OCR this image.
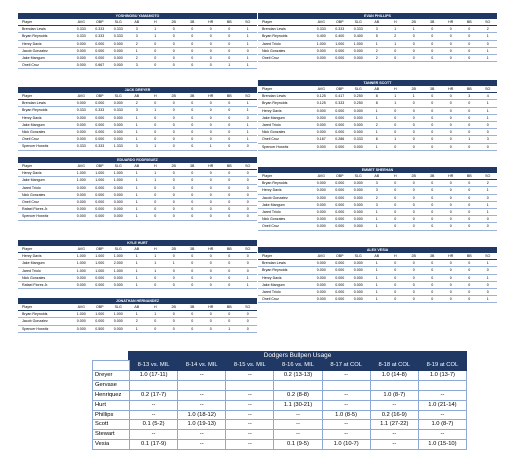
YOSHINOBU YAMAMOTO
Player	AVG	OBP	SLG	AB	H	2B	3B	HR	BB	SO
Brendan Lewis	0.333	0.333	0.333	3	1	0	0	0	0	1
Bryan Reynolds	0.333	0.333	0.333	3	1	0	0	0	0	1
Henry Davis	0.000	0.000	0.000	2	0	0	0	0	0	1
Jacob Gonzalez	0.000	0.000	0.000	1	0	0	0	0	0	0
Jake Mangum	0.000	0.000	0.000	2	0	0	0	0	0	1
Oneil Cruz	0.000	0.667	0.000	3	0	0	0	0	1	1
EVAN PHILLIPS
Player	AVG	OBP	SLG	AB	H	2B	3B	HR	BB	SO
Brendan Lewis	0.333	0.333	0.333	3	1	1	0	0	0	2
Bryan Reynolds	0.400	0.400	0.400	5	2	0	0	0	0	1
Jared Triolo	1.000	1.000	1.000	1	1	0	0	0	0	0
Nick Gonzales	0.000	0.000	0.000	2	0	0	0	0	0	1
Oneil Cruz	0.000	0.000	0.000	2	0	0	0	0	0	1
JACK DREYER
Player	AVG	OBP	SLG	AB	H	2B	3B	HR	BB	SO
Brendan Lewis	0.000	0.000	0.000	2	0	0	0	0	0	1
Bryan Reynolds	0.333	0.333	0.333	3	1	0	0	0	0	1
Henry Davis	0.000	0.000	0.000	1	0	0	0	0	0	0
Jake Mangum	0.000	0.000	0.000	1	0	0	0	0	0	1
Nick Gonzales	0.000	0.000	0.000	1	0	0	0	0	0	1
Oneil Cruz	0.000	0.000	0.000	1	0	0	0	0	0	1
Spencer Horwitz	0.333	0.333	1.333	3	1	0	0	1	0	0
TANNER SCOTT
Player	AVG	OBP	SLG	AB	H	2B	3B	HR	BB	SO
Brendan Lewis	0.125	0.417	0.250	8	1	1	0	0	3	4
Bryan Reynolds	0.125	0.333	0.250	8	1	0	0	0	0	1
Henry Davis	0.000	0.000	0.000	1	0	0	0	0	0	1
Jake Mangum	0.000	0.000	0.000	1	0	0	0	0	0	1
Jared Triolo	0.000	0.000	0.000	2	0	0	0	0	0	0
Nick Gonzales	0.000	0.000	0.000	1	0	0	0	0	0	0
Oneil Cruz	0.167	0.286	0.333	6	1	0	0	0	1	3
Spencer Horwitz	0.000	0.000	0.000	1	0	0	0	0	0	0
EDUARDO RODRIGUEZ
Player	AVG	OBP	SLG	AB	H	2B	3B	HR	BB	SO
Henry Davis	1.000	1.000	1.000	1	1	0	0	0	0	0
Jake Mangum	1.000	1.000	1.000	1	1	0	0	0	0	0
Jared Triolo	0.000	0.000	0.000	1	0	0	0	0	0	0
Nick Gonzales	0.000	0.000	0.000	1	0	0	0	0	0	0
Oneil Cruz	0.000	0.000	0.000	1	0	0	0	0	0	0
Rafael Flores Jr.	0.000	0.000	0.000	1	0	0	0	0	0	0
Spencer Horwitz	0.000	0.000	0.000	1	0	0	0	0	0	0
EMMET SHEEHAN
Player	AVG	OBP	SLG	AB	H	2B	3B	HR	BB	SO
Bryan Reynolds	0.000	0.000	0.000	3	0	0	0	0	0	2
Henry Davis	0.000	0.000	0.000	3	0	0	0	0	0	1
Jacob Gonzalez	0.000	0.000	0.000	2	0	0	0	0	0	0
Jake Mangum	0.000	0.000	0.000	3	0	0	0	0	0	1
Jared Triolo	0.000	0.000	0.000	1	0	0	0	0	0	1
Nick Gonzales	0.000	0.000	0.000	1	0	0	0	0	0	0
Oneil Cruz	0.000	0.000	0.000	1	0	0	0	0	0	0
KYLE HURT
Player	AVG	OBP	SLG	AB	H	2B	3B	HR	BB	SO
Henry Davis	1.000	1.000	1.000	1	1	0	0	0	0	0
Jake Mangum	1.000	1.000	2.000	1	1	1	0	0	0	0
Jared Triolo	1.000	1.000	1.000	1	1	0	0	0	0	0
Nick Gonzales	0.000	0.000	0.000	1	0	0	0	0	0	1
Rafael Flores Jr.	0.000	0.000	0.000	1	0	0	0	0	0	1
ALEX VESIA
Player	AVG	OBP	SLG	AB	H	2B	3B	HR	BB	SO
Brendan Lewis	0.000	0.000	0.000	1	0	0	0	0	0	1
Bryan Reynolds	0.000	0.000	0.000	1	0	0	0	0	0	0
Henry Davis	0.000	0.000	0.000	1	0	0	0	0	0	1
Jake Mangum	0.000	0.000	0.000	1	0	0	0	0	0	0
Jared Triolo	0.000	0.000	0.000	1	0	0	0	0	0	0
Oneil Cruz	0.000	0.000	0.000	1	0	0	0	0	0	1
JONATHAN HERNANDEZ
Player	AVG	OBP	SLG	AB	H	2B	3B	HR	BB	SO
Bryan Reynolds	1.000	1.000	1.000	1	1	0	0	0	0	0
Jacob Gonzalez	0.000	0.000	0.000	2	0	0	0	0	0	0
Spencer Horwitz	0.000	0.500	0.000	1	0	0	0	0	1	0
Dodgers Bullpen Usage
	8-13 vs. MIL	8-14 vs. MIL	8-15 vs. MIL	8-16 vs. MIL	8-17 at COL	8-18 at COL	8-19 at COL
Dreyer	1.0 (17-11)	--	--	0.2 (13-13)	--	1.0 (14-8)	1.0 (13-7)
Gervase							
Henriquez	0.2 (17-7)	--	--	0.2 (8-8)	--	1.0 (8-7)	--
Hurt	--	--	--	1.1 (30-21)	--	--	1.0 (21-14)
Phillips	--	1.0 (18-12)	--	--	1.0 (8-5)	0.2 (16-9)	--
Scott	0.1 (5-2)	1.0 (19-13)	--	--	--	1.1 (27-22)	1.0 (8-7)
Stewart	--	--	--	--	--	--	--
Vesia	0.1 (17-9)	--	--	0.1 (9-5)	1.0 (10-7)	--	1.0 (15-10)
